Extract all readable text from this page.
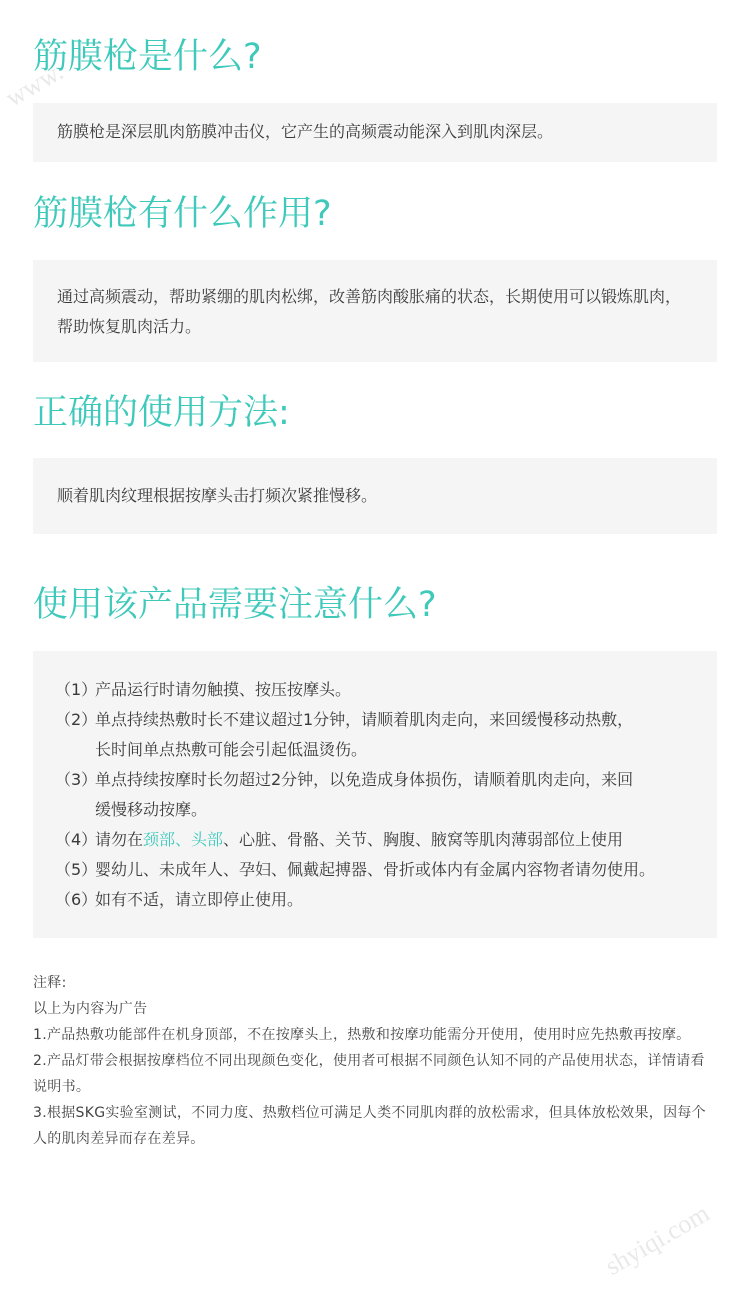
www.
shyiqi.com
筋膜枪是什么?

筋膜枪是深层肌肉筋膜冲击仪，它产生的高频震动能深入到肌肉深层。

筋膜枪有什么作用?

通过高频震动，帮助紧绷的肌肉松绑，改善筋肉酸胀痛的状态，长期使用可以锻炼肌肉，帮助恢复肌肉活力。

正确的使用方法:

顺着肌肉纹理根据按摩头击打频次紧推慢移。

使用该产品需要注意什么?
（1）
产品运行时请勿触摸、按压按摩头。
（2）
单点持续热敷时长不建议超过1分钟，请顺着肌肉走向，来回缓慢移动热敷，
长时间单点热敷可能会引起低温烫伤。
（3）
单点持续按摩时长勿超过2分钟，以免造成身体损伤，请顺着肌肉走向，来回
缓慢移动按摩。
（4）
请勿在颈部、头部、心脏、骨骼、关节、胸腹、腋窝等肌肉薄弱部位上使用
（5）
婴幼儿、未成年人、孕妇、佩戴起搏器、骨折或体内有金属内容物者请勿使用。
（6）
如有不适，请立即停止使用。

注释:

以上为内容为广告

1.产品热敷功能部件在机身顶部，不在按摩头上，热敷和按摩功能需分开使用，使用时应先热敷再按摩。

2.产品灯带会根据按摩档位不同出现颜色变化，使用者可根据不同颜色认知不同的产品使用状态，详情请看说明书。

3.根据SKG实验室测试，不同力度、热敷档位可满足人类不同肌肉群的放松需求，但具体放松效果，因每个人的肌肉差异而存在差异。
